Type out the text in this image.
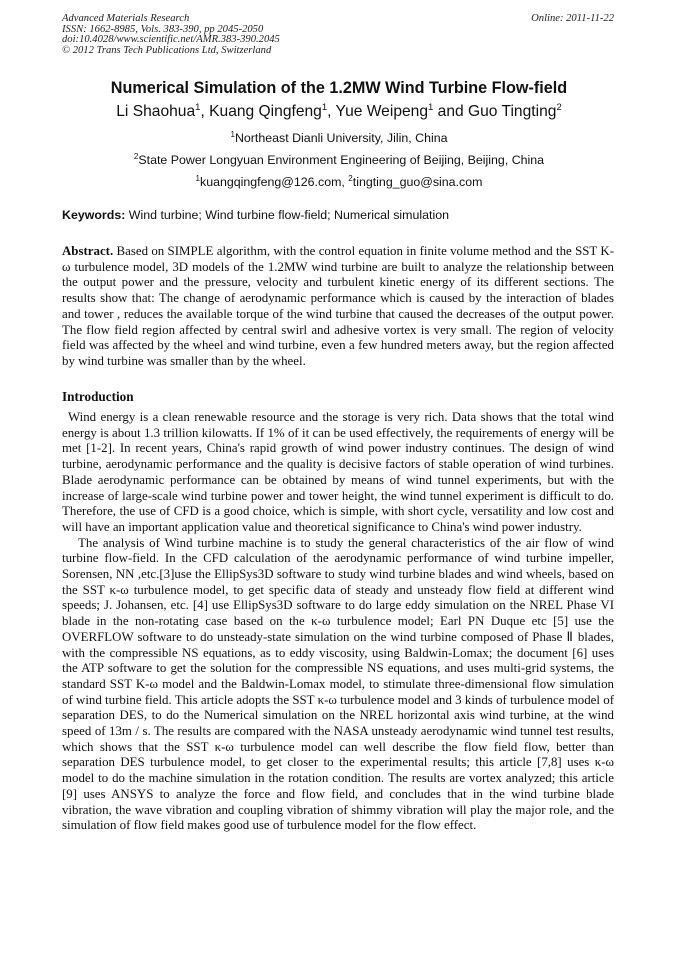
Advanced Materials Research
ISSN: 1662-8985, Vols. 383-390, pp 2045-2050
doi:10.4028/www.scientific.net/AMR.383-390.2045
© 2012 Trans Tech Publications Ltd, Switzerland
Online: 2011-11-22
Numerical Simulation of the 1.2MW Wind Turbine Flow-field
Li Shaohua$^1$, Kuang Qingfeng$^1$, Yue Weipeng$^1$ and Guo Tingting$^2$
$^1$Northeast Dianli University, Jilin, China
$^2$State Power Longyuan Environment Engineering of Beijing, Beijing, China
$^1$kuangqingfeng@126.com, $^2$tingting_guo@sina.com
Keywords: Wind turbine; Wind turbine flow-field; Numerical simulation

Abstract. Based on SIMPLE algorithm, with the control equation in finite volume method and the SST K-ω turbulence model, 3D models of the 1.2MW wind turbine are built to analyze the relationship between the output power and the pressure, velocity and turbulent kinetic energy of its different sections. The results show that: The change of aerodynamic performance which is caused by the interaction of blades and tower , reduces the available torque of the wind turbine that caused the decreases of the output power. The flow field region affected by central swirl and adhesive vortex is very small. The region of velocity field was affected by the wheel and wind turbine, even a few hundred meters away, but the region affected by wind turbine was smaller than by the wheel.

Introduction

Wind energy is a clean renewable resource and the storage is very rich. Data shows that the total wind energy is about 1.3 trillion kilowatts. If 1% of it can be used effectively, the requirements of energy will be met [1-2]. In recent years, China's rapid growth of wind power industry continues. The design of wind turbine, aerodynamic performance and the quality is decisive factors of stable operation of wind turbines. Blade aerodynamic performance can be obtained by means of wind tunnel experiments, but with the increase of large-scale wind turbine power and tower height, the wind tunnel experiment is difficult to do. Therefore, the use of CFD is a good choice, which is simple, with short cycle, versatility and low cost and will have an important application value and theoretical significance to China's wind power industry.

The analysis of Wind turbine machine is to study the general characteristics of the air flow of wind turbine flow-field. In the CFD calculation of the aerodynamic performance of wind turbine impeller, Sorensen, NN ,etc.[3]use the EllipSys3D software to study wind turbine blades and wind wheels, based on the SST κ-ω turbulence model, to get specific data of steady and unsteady flow field at different wind speeds; J. Johansen, etc. [4] use EllipSys3D software to do large eddy simulation on the NREL Phase VI blade in the non-rotating case based on the κ-ω turbulence model; Earl PN Duque etc [5] use the OVERFLOW software to do unsteady-state simulation on the wind turbine composed of Phase Ⅱ blades, with the compressible NS equations, as to eddy viscosity, using Baldwin-Lomax; the document [6] uses the ATP software to get the solution for the compressible NS equations, and uses multi-grid systems, the standard SST K-ω model and the Baldwin-Lomax model, to stimulate three-dimensional flow simulation of wind turbine field. This article adopts the SST κ-ω turbulence model and 3 kinds of turbulence model of separation DES, to do the Numerical simulation on the NREL horizontal axis wind turbine, at the wind speed of 13m / s. The results are compared with the NASA unsteady aerodynamic wind tunnel test results, which shows that the SST κ-ω turbulence model can well describe the flow field flow, better than separation DES turbulence model, to get closer to the experimental results; this article [7,8] uses κ-ω model to do the machine simulation in the rotation condition. The results are vortex analyzed; this article [9] uses ANSYS to analyze the force and flow field, and concludes that in the wind turbine blade vibration, the wave vibration and coupling vibration of shimmy vibration will play the major role, and the simulation of flow field makes good use of turbulence model for the flow effect.
